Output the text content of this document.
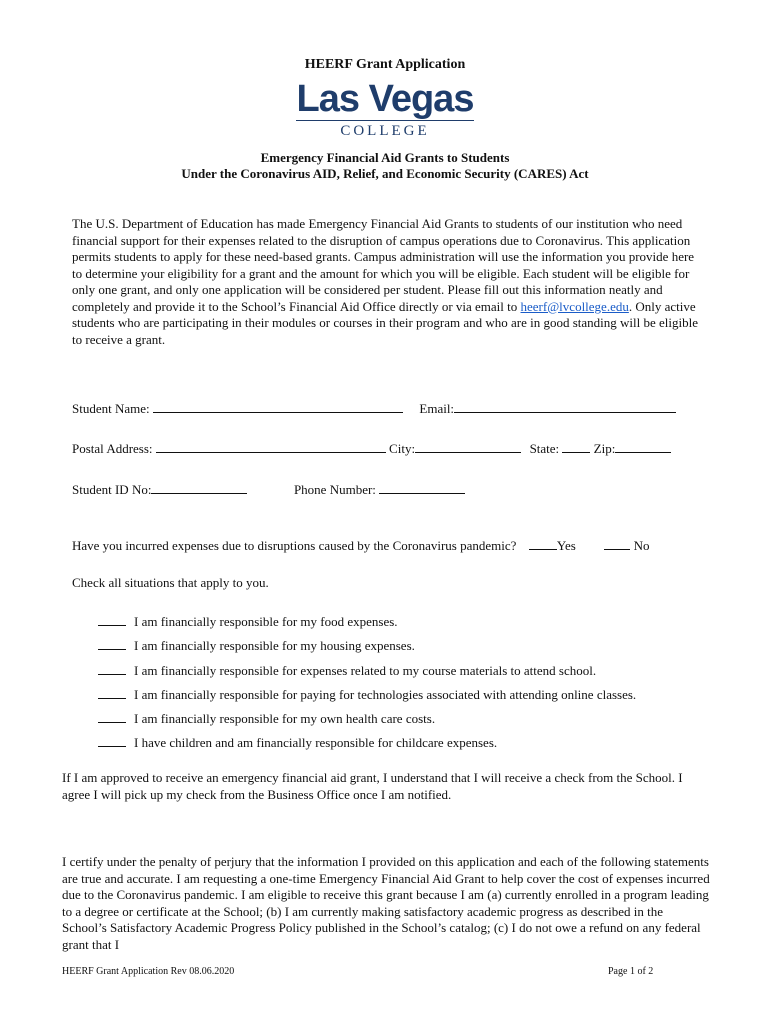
HEERF Grant Application
Las Vegas
COLLEGE
Emergency Financial Aid Grants to Students
Under the Coronavirus AID, Relief, and Economic Security (CARES) Act
The U.S. Department of Education has made Emergency Financial Aid Grants to students of our institution who need financial support for their expenses related to the disruption of campus operations due to Coronavirus. This application permits students to apply for these need-based grants. Campus administration will use the information you provide here to determine your eligibility for a grant and the amount for which you will be eligible. Each student will be eligible for only one grant, and only one application will be considered per student. Please fill out this information neatly and completely and provide it to the School’s Financial Aid Office directly or via email to heerf@lvcollege.edu. Only active students who are participating in their modules or courses in their program and who are in good standing will be eligible to receive a grant.
Student Name:	Email:
Postal Address:	City:	State:	Zip:
Student ID No:	Phone Number:
Have you incurred expenses due to disruptions caused by the Coronavirus pandemic?	Yes	No
Check all situations that apply to you.
I am financially responsible for my food expenses.
I am financially responsible for my housing expenses.
I am financially responsible for expenses related to my course materials to attend school.
I am financially responsible for paying for technologies associated with attending online classes.
I am financially responsible for my own health care costs.
I have children and am financially responsible for childcare expenses.
If I am approved to receive an emergency financial aid grant, I understand that I will receive a check from the School. I agree I will pick up my check from the Business Office once I am notified.
I certify under the penalty of perjury that the information I provided on this application and each of the following statements are true and accurate. I am requesting a one-time Emergency Financial Aid Grant to help cover the cost of expenses incurred due to the Coronavirus pandemic. I am eligible to receive this grant because I am (a) currently enrolled in a program leading to a degree or certificate at the School; (b) I am currently making satisfactory academic progress as described in the School’s Satisfactory Academic Progress Policy published in the School’s catalog; (c) I do not owe a refund on any federal grant that I
HEERF Grant Application Rev 08.06.2020	Page 1 of 2
